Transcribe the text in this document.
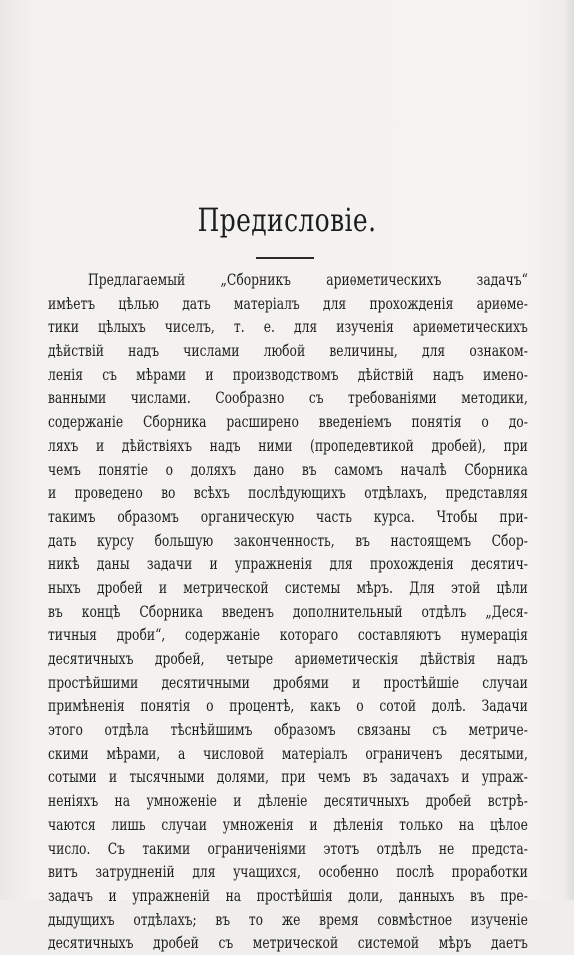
Предисловіе.
Предлагаемый „Сборникъ ариѳметическихъ задачъ“
имѣетъ цѣлью дать матеріалъ для прохожденія ариѳме-
тики цѣлыхъ чиселъ, т. е. для изученія ариѳметическихъ
дѣйствій надъ числами любой величины, для ознаком-
ленія съ мѣрами и производствомъ дѣйствій надъ имено-
ванными числами. Сообразно съ требованіями методики,
содержаніе Сборника расширено введеніемъ понятія о до-
ляхъ и дѣйствіяхъ надъ ними (пропедевтикой дробей), при
чемъ понятіе о доляхъ дано въ самомъ началѣ Сборника
и проведено во всѣхъ послѣдующихъ отдѣлахъ, представляя
такимъ образомъ органическую часть курса. Чтобы при-
дать курсу большую законченность, въ настоящемъ Сбор-
никѣ даны задачи и упражненія для прохожденія десятич-
ныхъ дробей и метрической системы мѣръ. Для этой цѣли
въ концѣ Сборника введенъ дополнительный отдѣлъ „Деся-
тичныя дроби“, содержаніе котораго составляютъ нумерація
десятичныхъ дробей, четыре ариѳметическія дѣйствія надъ
простѣйшими десятичными дробями и простѣйшіе случаи
примѣненія понятія о процентѣ, какъ о сотой долѣ. Задачи
этого отдѣла тѣснѣйшимъ образомъ связаны съ метриче-
скими мѣрами, а числовой матеріалъ ограниченъ десятыми,
сотыми и тысячными долями, при чемъ въ задачахъ и упраж-
неніяхъ на умноженіе и дѣленіе десятичныхъ дробей встрѣ-
чаются лишь случаи умноженія и дѣленія только на цѣлое
число. Съ такими ограниченіями этотъ отдѣлъ не предста-
витъ затрудненій для учащихся, особенно послѣ проработки
задачъ и упражненій на простѣйшія доли, данныхъ въ пре-
дыдущихъ отдѣлахъ; въ то же время совмѣстное изученіе
десятичныхъ дробей съ метрической системой мѣръ даетъ
